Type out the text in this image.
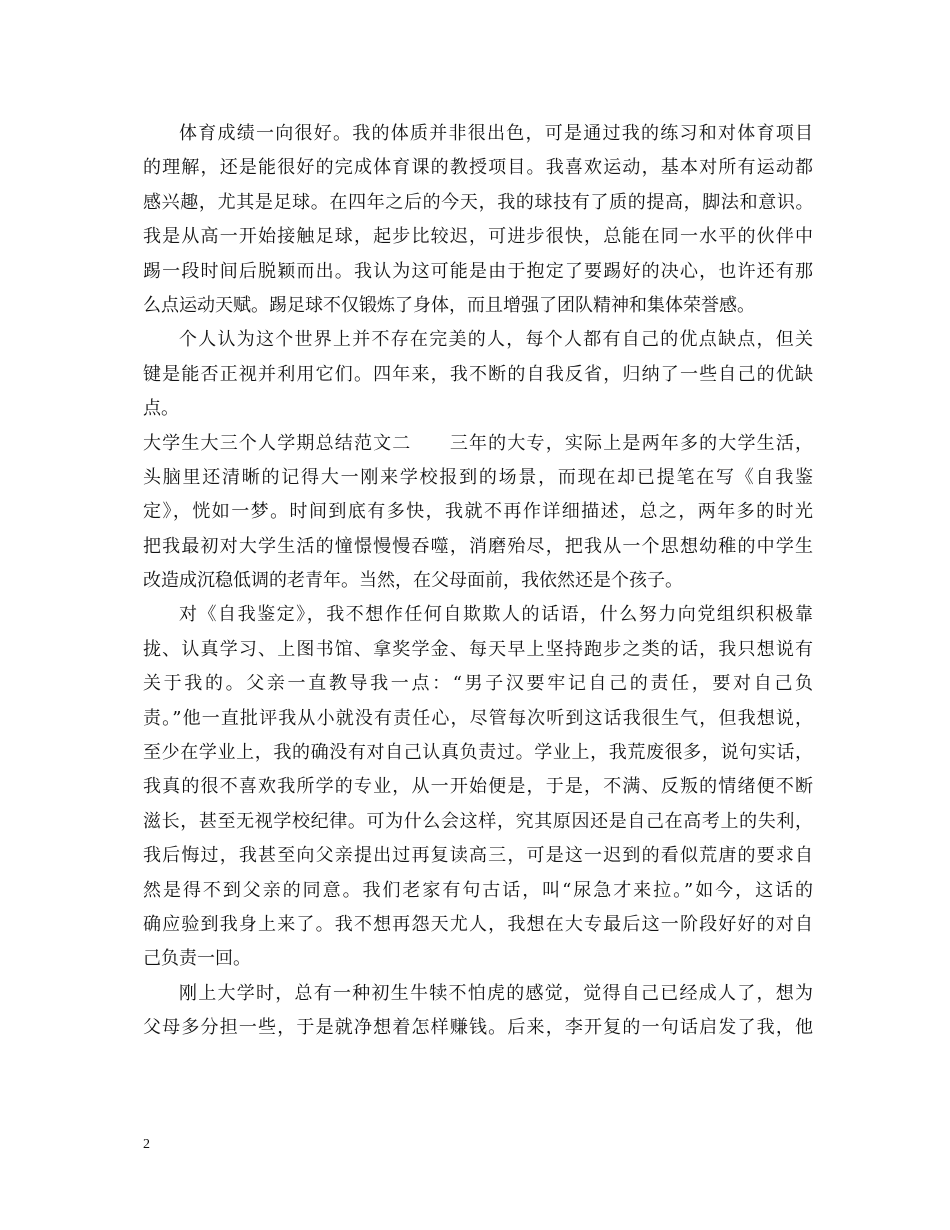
体育成绩一向很好。我的体质并非很出色，可是通过我的练习和对体育项目
的理解，还是能很好的完成体育课的教授项目。我喜欢运动，基本对所有运动都
感兴趣，尤其是足球。在四年之后的今天，我的球技有了质的提高，脚法和意识。
我是从高一开始接触足球，起步比较迟，可进步很快，总能在同一水平的伙伴中
踢一段时间后脱颖而出。我认为这可能是由于抱定了要踢好的决心，也许还有那
么点运动天赋。踢足球不仅锻炼了身体，而且增强了团队精神和集体荣誉感。
个人认为这个世界上并不存在完美的人，每个人都有自己的优点缺点，但关
键是能否正视并利用它们。四年来，我不断的自我反省，归纳了一些自己的优缺
点。
大学生大三个人学期总结范文二　　三年的大专，实际上是两年多的大学生活，
头脑里还清晰的记得大一刚来学校报到的场景，而现在却已提笔在写《自我鉴
定》，恍如一梦。时间到底有多快，我就不再作详细描述，总之，两年多的时光
把我最初对大学生活的憧憬慢慢吞噬，消磨殆尽，把我从一个思想幼稚的中学生
改造成沉稳低调的老青年。当然，在父母面前，我依然还是个孩子。
对《自我鉴定》，我不想作任何自欺欺人的话语，什么努力向党组织积极靠
拢、认真学习、上图书馆、拿奖学金、每天早上坚持跑步之类的话，我只想说有
关于我的。父亲一直教导我一点：“男子汉要牢记自己的责任，要对自己负
责。”他一直批评我从小就没有责任心，尽管每次听到这话我很生气，但我想说，
至少在学业上，我的确没有对自己认真负责过。学业上，我荒废很多，说句实话，
我真的很不喜欢我所学的专业，从一开始便是，于是，不满、反叛的情绪便不断
滋长，甚至无视学校纪律。可为什么会这样，究其原因还是自己在高考上的失利，
我后悔过，我甚至向父亲提出过再复读高三，可是这一迟到的看似荒唐的要求自
然是得不到父亲的同意。我们老家有句古话，叫“尿急才来拉。”如今，这话的
确应验到我身上来了。我不想再怨天尤人，我想在大专最后这一阶段好好的对自
己负责一回。
刚上大学时，总有一种初生牛犊不怕虎的感觉，觉得自己已经成人了，想为
父母多分担一些，于是就净想着怎样赚钱。后来，李开复的一句话启发了我，他
2
